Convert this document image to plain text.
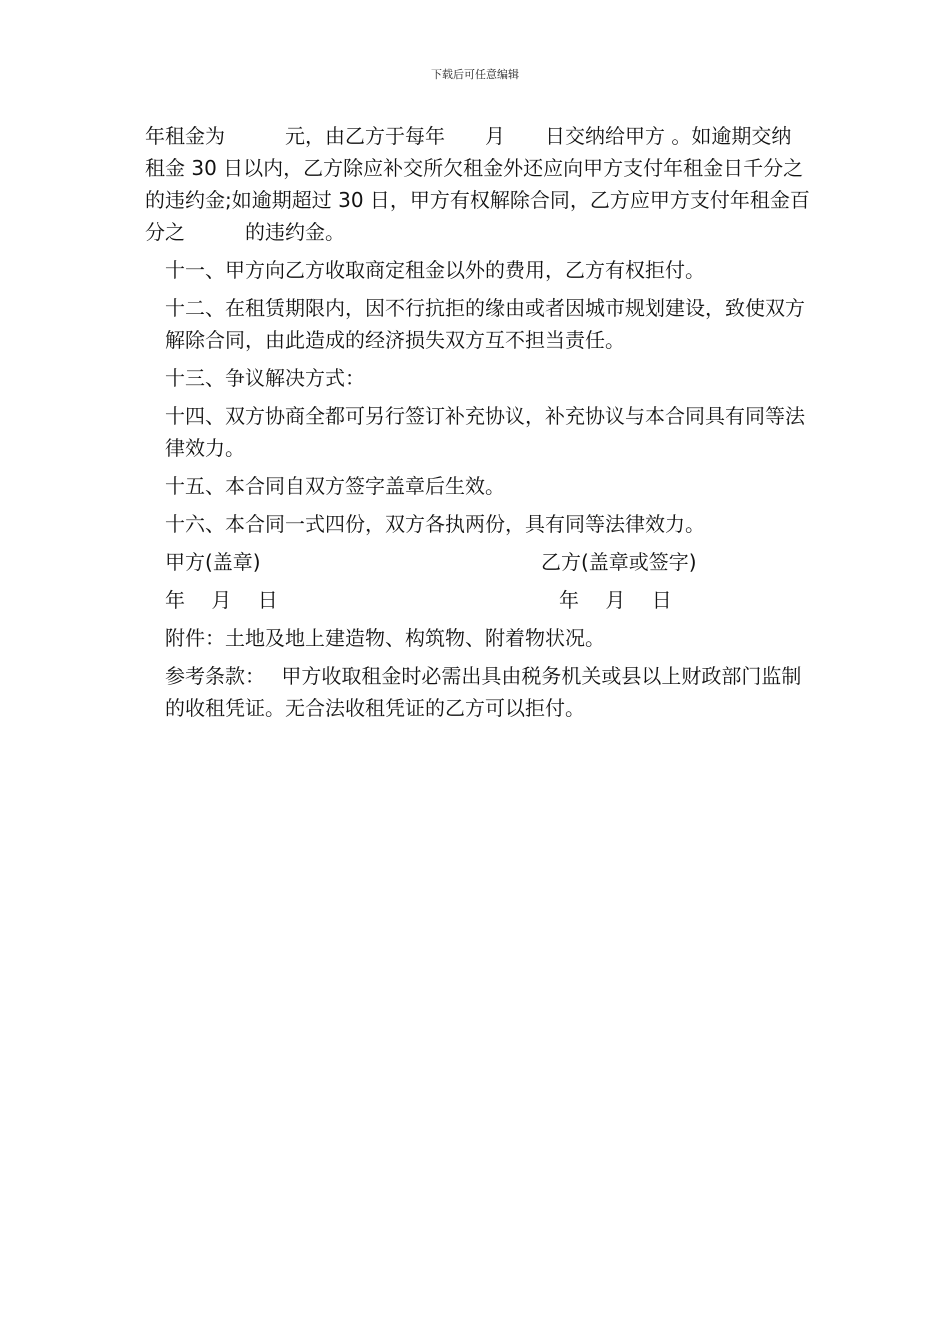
下载后可任意编辑

年租金为　　　元，由乙方于每年　　月　　日交纳给甲方 。如逾期交纳租金 30 日以内，乙方除应补交所欠租金外还应向甲方支付年租金日千分之　　的违约金;如逾期超过 30 日，甲方有权解除合同，乙方应甲方支付年租金百分之　　　的违约金。

十一、甲方向乙方收取商定租金以外的费用，乙方有权拒付。

十二、在租赁期限内，因不行抗拒的缘由或者因城市规划建设，致使双方解除合同，由此造成的经济损失双方互不担当责任。

十三、争议解决方式：

十四、双方协商全都可另行签订补充协议，补充协议与本合同具有同等法律效力。

十五、本合同自双方签字盖章后生效。

十六、本合同一式四份，双方各执两份，具有同等法律效力。

甲方(盖章)	乙方(盖章或签字)
年　 月　 日	年　 月　 日

附件：土地及地上建造物、构筑物、附着物状况。

参考条款：　 甲方收取租金时必需出具由税务机关或县以上财政部门监制的收租凭证。无合法收租凭证的乙方可以拒付。
